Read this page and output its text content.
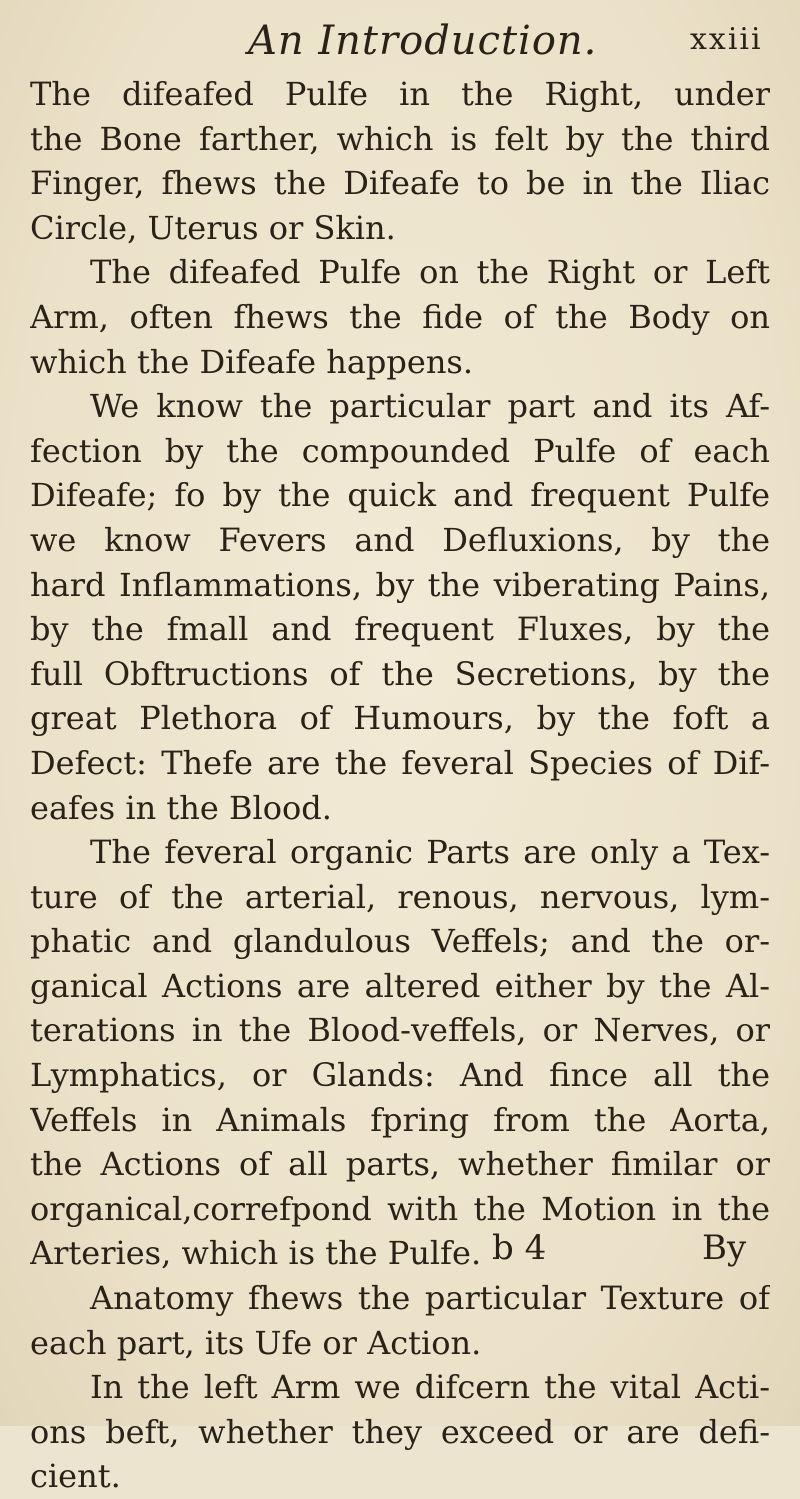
An Introduction.	xxiii
The difeafed Pulfe in the Right, under
the Bone farther, which is felt by the third
Finger, fhews the Difeafe to be in the Iliac
Circle, Uterus or Skin.
The difeafed Pulfe on the Right or Left
Arm, often fhews the fide of the Body on
which the Difeafe happens.
We know the particular part and its Af-
fection by the compounded Pulfe of each
Difeafe; fo by the quick and frequent Pulfe
we know Fevers and Defluxions, by the
hard Inflammations, by the viberating Pains,
by the fmall and frequent Fluxes, by the
full Obftructions of the Secretions, by the
great Plethora of Humours, by the foft a
Defect: Thefe are the feveral Species of Dif-
eafes in the Blood.
The feveral organic Parts are only a Tex-
ture of the arterial, renous, nervous, lym-
phatic and glandulous Veffels; and the or-
ganical Actions are altered either by the Al-
terations in the Blood-veffels, or Nerves, or
Lymphatics, or Glands: And fince all the
Veffels in Animals fpring from the Aorta,
the Actions of all parts, whether fimilar or
organical,correfpond with the Motion in the
Arteries, which is the Pulfe.
Anatomy fhews the particular Texture of
each part, its Ufe or Action.
In the left Arm we difcern the vital Acti-
ons beft, whether they exceed or are defi-
cient.
b 4	By
